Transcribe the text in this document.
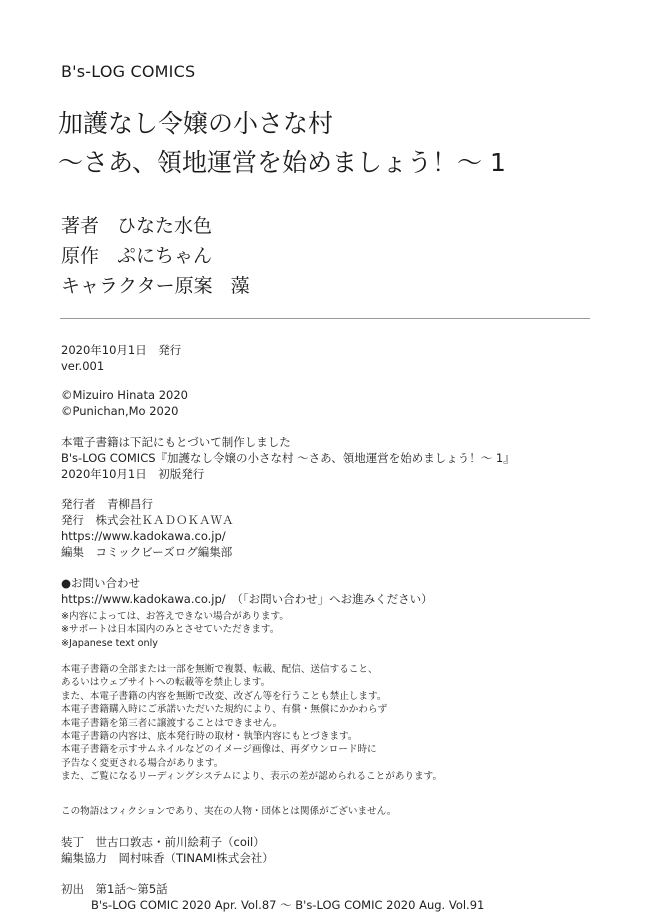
B's-LOG COMICS
加護なし令嬢の小さな村
〜さあ、領地運営を始めましょう！〜 1
著者 ひなた水色
原作 ぷにちゃん
キャラクター原案 藻
2020年10月1日　発行
ver.001
©Mizuiro Hinata 2020
©Punichan,Mo 2020
本電子書籍は下記にもとづいて制作しました
B's-LOG COMICS『加護なし令嬢の小さな村 〜さあ、領地運営を始めましょう！〜 1』
2020年10月1日　初版発行
発行者　青柳昌行
発行　株式会社ＫＡＤＯＫＡＷＡ
https://www.kadokawa.co.jp/
編集　コミックビーズログ編集部
●お問い合わせ
https://www.kadokawa.co.jp/　（「お問い合わせ」へお進みください）
※内容によっては、お答えできない場合があります。
※サポートは日本国内のみとさせていただきます。
※Japanese text only
本電子書籍の全部または一部を無断で複製、転載、配信、送信すること、
あるいはウェブサイトへの転載等を禁止します。
また、本電子書籍の内容を無断で改変、改ざん等を行うことも禁止します。
本電子書籍購入時にご承諾いただいた規約により、有償・無償にかかわらず
本電子書籍を第三者に譲渡することはできません。
本電子書籍の内容は、底本発行時の取材・執筆内容にもとづきます。
本電子書籍を示すサムネイルなどのイメージ画像は、再ダウンロード時に
予告なく変更される場合があります。
また、ご覧になるリーディングシステムにより、表示の差が認められることがあります。
この物語はフィクションであり、実在の人物・団体とは関係がございません。
装丁　世古口敦志・前川絵莉子（coil）
編集協力　岡村味香（TINAMI株式会社）
初出　第1話〜第5話
B's-LOG COMIC 2020 Apr. Vol.87 〜 B's-LOG COMIC 2020 Aug. Vol.91
